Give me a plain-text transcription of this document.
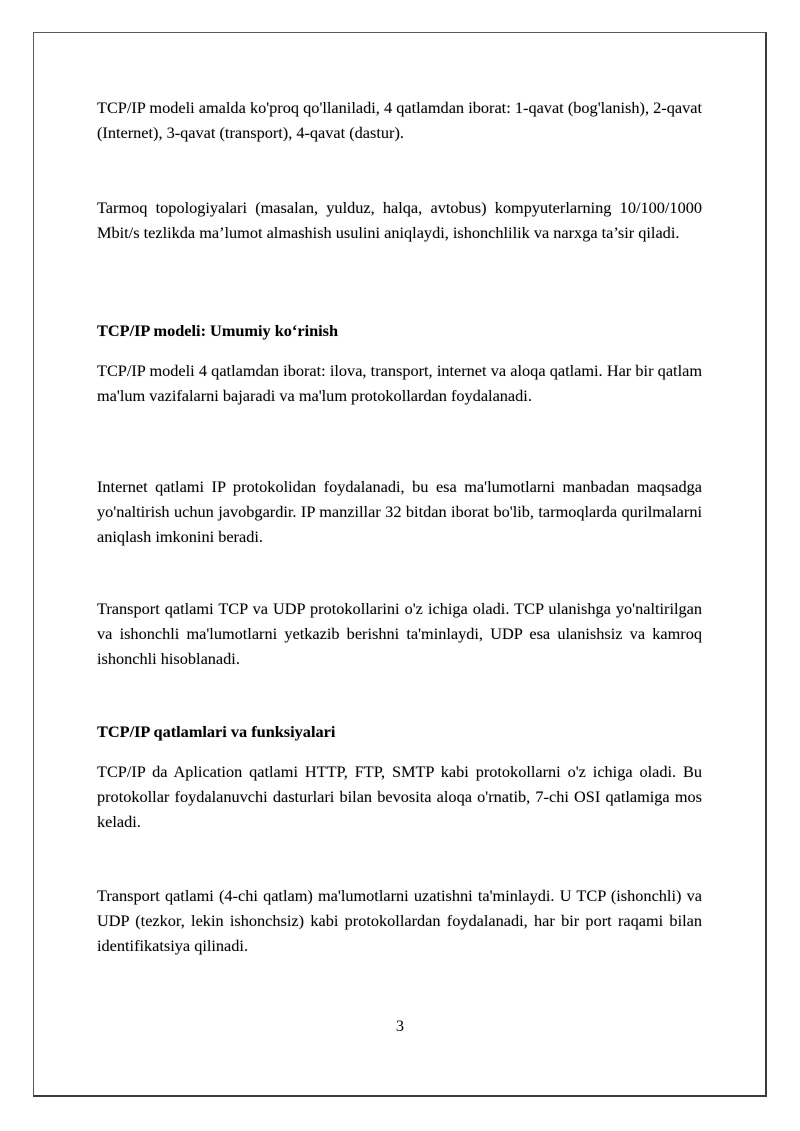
TCP/IP modeli amalda ko'proq qo'llaniladi, 4 qatlamdan iborat: 1-qavat (bog'lanish), 2-qavat (Internet), 3-qavat (transport), 4-qavat (dastur).

Tarmoq topologiyalari (masalan, yulduz, halqa, avtobus) kompyuterlarning 10/100/1000 Mbit/s tezlikda ma’lumot almashish usulini aniqlaydi, ishonchlilik va narxga ta’sir qiladi.

TCP/IP modeli: Umumiy ko‘rinish

TCP/IP modeli 4 qatlamdan iborat: ilova, transport, internet va aloqa qatlami. Har bir qatlam ma'lum vazifalarni bajaradi va ma'lum protokollardan foydalanadi.

Internet qatlami IP protokolidan foydalanadi, bu esa ma'lumotlarni manbadan maqsadga yo'naltirish uchun javobgardir. IP manzillar 32 bitdan iborat bo'lib, tarmoqlarda qurilmalarni aniqlash imkonini beradi.

Transport qatlami TCP va UDP protokollarini o'z ichiga oladi. TCP ulanishga yo'naltirilgan va ishonchli ma'lumotlarni yetkazib berishni ta'minlaydi, UDP esa ulanishsiz va kamroq ishonchli hisoblanadi.

TCP/IP qatlamlari va funksiyalari

TCP/IP da Aplication qatlami HTTP, FTP, SMTP kabi protokollarni o'z ichiga oladi. Bu protokollar foydalanuvchi dasturlari bilan bevosita aloqa o'rnatib, 7-chi OSI qatlamiga mos keladi.

Transport qatlami (4-chi qatlam) ma'lumotlarni uzatishni ta'minlaydi. U TCP (ishonchli) va UDP (tezkor, lekin ishonchsiz) kabi protokollardan foydalanadi, har bir port raqami bilan identifikatsiya qilinadi.

3
